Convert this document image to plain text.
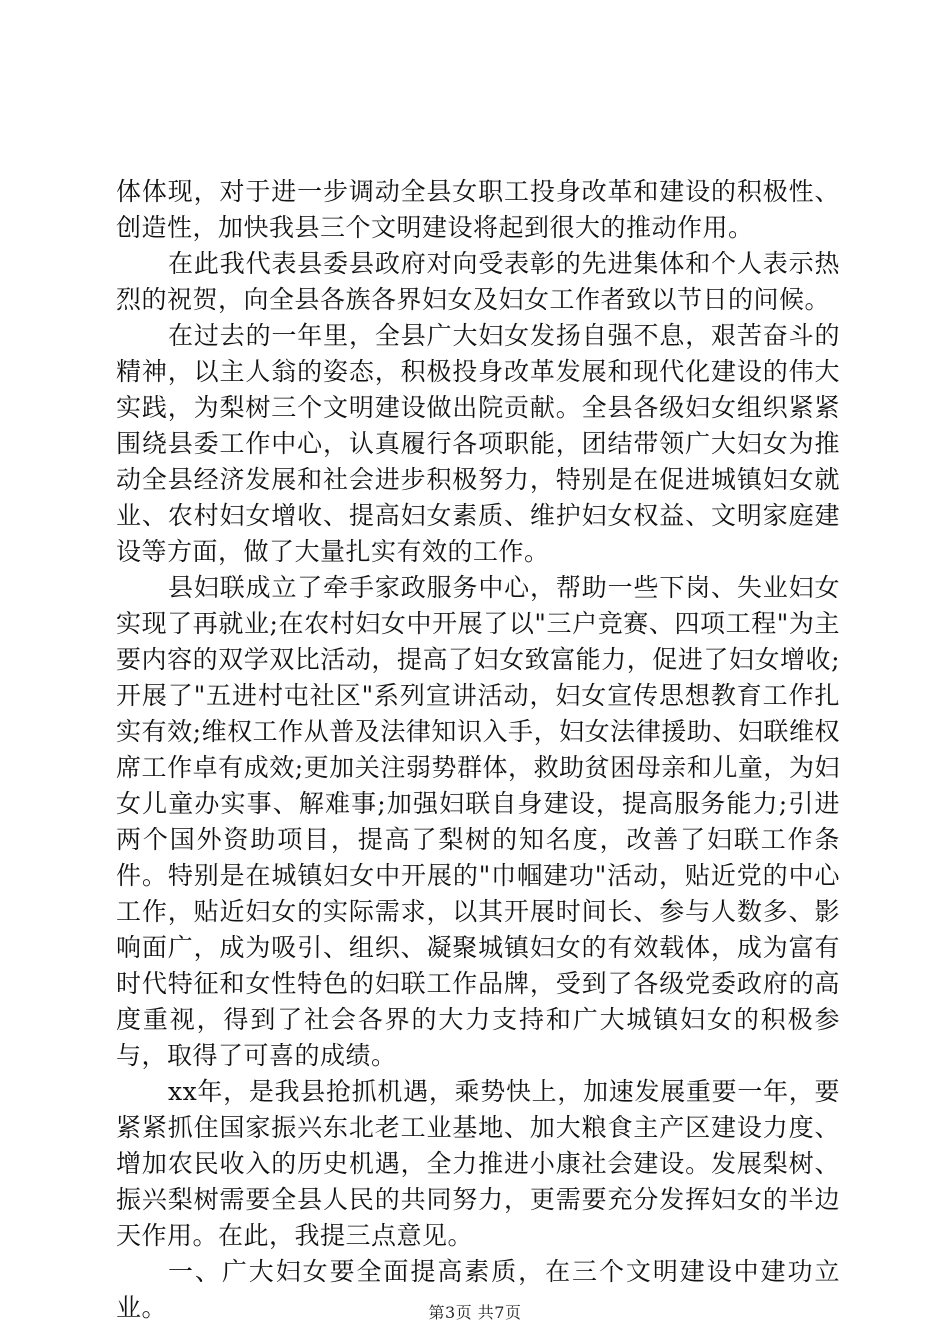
体体现，对于进一步调动全县女职工投身改革和建设的积极性、创造性，加快我县三个文明建设将起到很大的推动作用。

在此我代表县委县政府对向受表彰的先进集体和个人表示热烈的祝贺，向全县各族各界妇女及妇女工作者致以节日的问候。

在过去的一年里，全县广大妇女发扬自强不息，艰苦奋斗的精神，以主人翁的姿态，积极投身改革发展和现代化建设的伟大实践，为梨树三个文明建设做出院贡献。全县各级妇女组织紧紧围绕县委工作中心，认真履行各项职能，团结带领广大妇女为推动全县经济发展和社会进步积极努力，特别是在促进城镇妇女就业、农村妇女增收、提高妇女素质、维护妇女权益、文明家庭建设等方面，做了大量扎实有效的工作。

县妇联成立了牵手家政服务中心，帮助一些下岗、失业妇女实现了再就业;在农村妇女中开展了以"三户竞赛、四项工程"为主要内容的双学双比活动，提高了妇女致富能力，促进了妇女增收;开展了"五进村屯社区"系列宣讲活动，妇女宣传思想教育工作扎实有效;维权工作从普及法律知识入手，妇女法律援助、妇联维权席工作卓有成效;更加关注弱势群体，救助贫困母亲和儿童，为妇女儿童办实事、解难事;加强妇联自身建设，提高服务能力;引进两个国外资助项目，提高了梨树的知名度，改善了妇联工作条件。特别是在城镇妇女中开展的"巾帼建功"活动，贴近党的中心工作，贴近妇女的实际需求，以其开展时间长、参与人数多、影响面广，成为吸引、组织、凝聚城镇妇女的有效载体，成为富有时代特征和女性特色的妇联工作品牌，受到了各级党委政府的高度重视，得到了社会各界的大力支持和广大城镇妇女的积极参与，取得了可喜的成绩。

xx年，是我县抢抓机遇，乘势快上，加速发展重要一年，要紧紧抓住国家振兴东北老工业基地、加大粮食主产区建设力度、增加农民收入的历史机遇，全力推进小康社会建设。发展梨树、振兴梨树需要全县人民的共同努力，更需要充分发挥妇女的半边天作用。在此，我提三点意见。

一、广大妇女要全面提高素质，在三个文明建设中建功立业。	第3页 共7页
